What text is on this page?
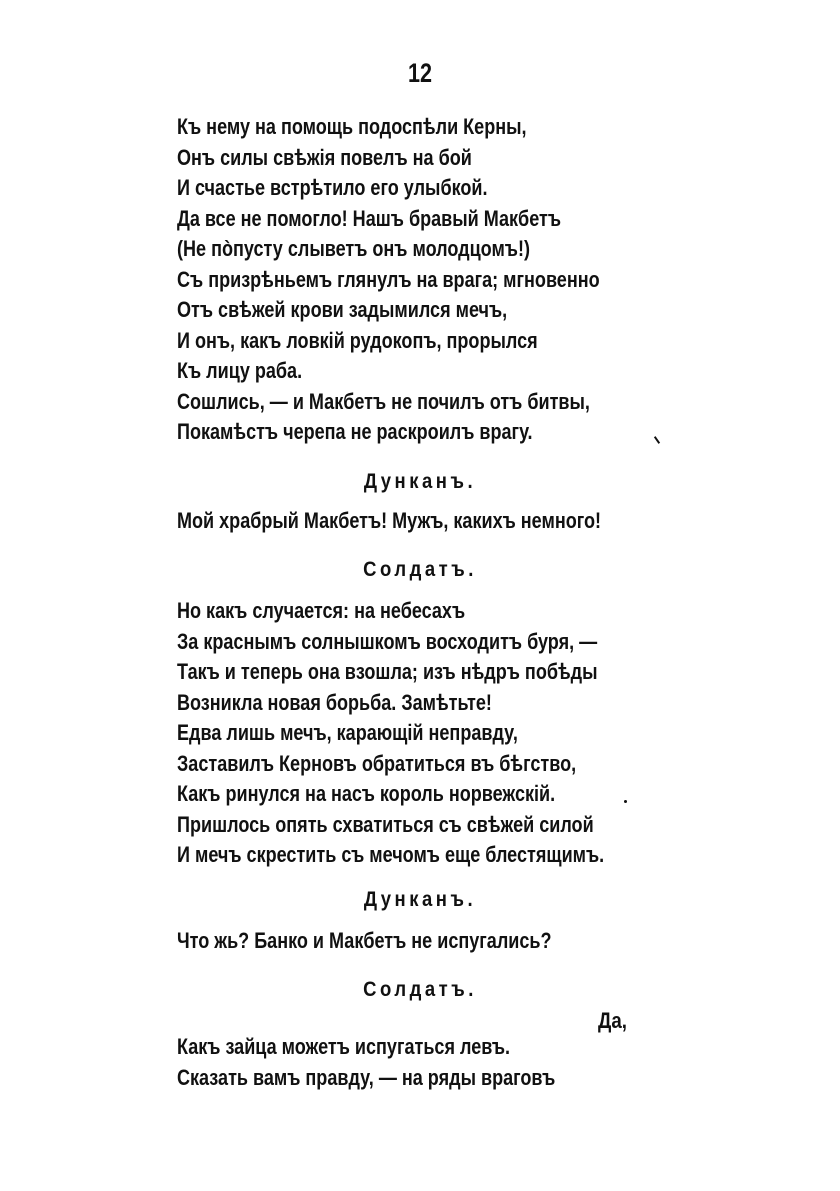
12
Къ нему на помощь подоспѣли Керны,
Онъ силы свѣжія повелъ на бой
И счастье встрѣтило его улыбкой.
Да все не помогло! Нашъ бравый Макбетъ
(Не пòпусту слыветъ онъ молодцомъ!)
Съ призрѣньемъ глянулъ на врага; мгновенно
Отъ свѣжей крови задымился мечъ,
И онъ, какъ ловкій рудокопъ, прорылся
Къ лицу раба.
Сошлись, — и Макбетъ не почилъ отъ битвы,
Покамѣстъ черепа не раскроилъ врагу.
Дунканъ.
Мой храбрый Макбетъ! Мужъ, какихъ немного!
Солдатъ.
Но какъ случается: на небесахъ
За краснымъ солнышкомъ восходитъ буря, —
Такъ и теперь она взошла; изъ нѣдръ побѣды
Возникла новая борьба. Замѣтьте!
Едва лишь мечъ, карающій неправду,
Заставилъ Керновъ обратиться въ бѣгство,
Какъ ринулся на насъ король норвежскій.
Пришлось опять схватиться съ свѣжей силой
И мечъ скрестить съ мечомъ еще блестящимъ.
Дунканъ.
Что жь? Банко и Макбетъ не испугались?
Солдатъ.
Да,
Какъ зайца можетъ испугаться левъ.
Сказать вамъ правду, — на ряды враговъ
